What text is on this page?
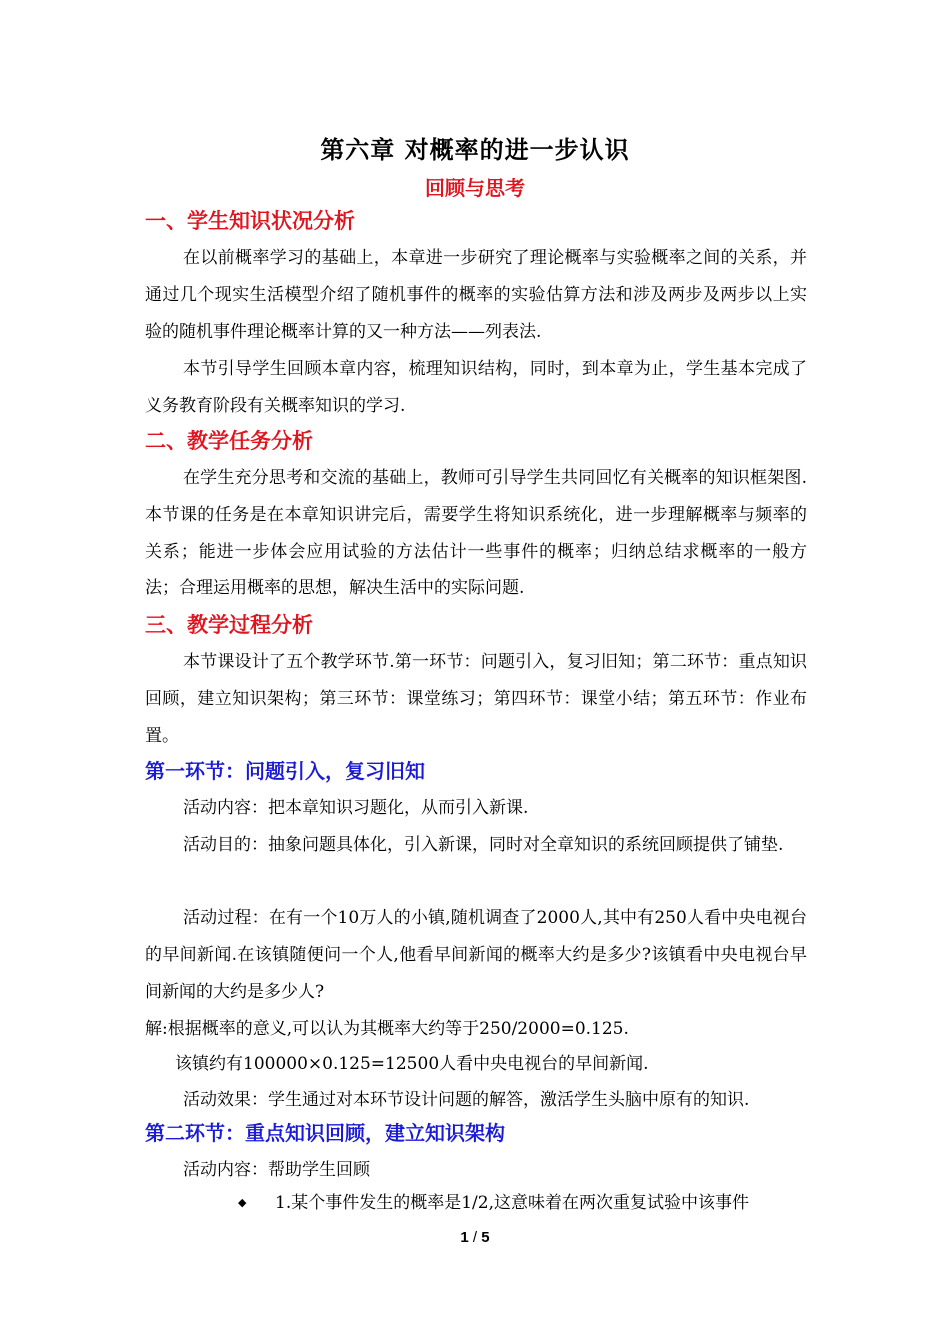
第六章 对概率的进一步认识
回顾与思考
一、学生知识状况分析
在以前概率学习的基础上，本章进一步研究了理论概率与实验概率之间的关系，并通过几个现实生活模型介绍了随机事件的概率的实验估算方法和涉及两步及两步以上实验的随机事件理论概率计算的又一种方法——列表法.
本节引导学生回顾本章内容，梳理知识结构，同时，到本章为止，学生基本完成了义务教育阶段有关概率知识的学习.
二、教学任务分析
在学生充分思考和交流的基础上，教师可引导学生共同回忆有关概率的知识框架图. 本节课的任务是在本章知识讲完后，需要学生将知识系统化，进一步理解概率与频率的关系；能进一步体会应用试验的方法估计一些事件的概率；归纳总结求概率的一般方法；合理运用概率的思想，解决生活中的实际问题.
三、教学过程分析
本节课设计了五个教学环节.第一环节：问题引入，复习旧知；第二环节：重点知识回顾，建立知识架构；第三环节：课堂练习；第四环节：课堂小结；第五环节：作业布置。
第一环节：问题引入，复习旧知
活动内容：把本章知识习题化，从而引入新课.
活动目的：抽象问题具体化，引入新课，同时对全章知识的系统回顾提供了铺垫.
活动过程：在有一个10万人的小镇,随机调查了2000人,其中有250人看中央电视台的早间新闻.在该镇随便问一个人,他看早间新闻的概率大约是多少?该镇看中央电视台早间新闻的大约是多少人?
解:根据概率的意义,可以认为其概率大约等于250/2000=0.125.
该镇约有100000×0.125=12500人看中央电视台的早间新闻.
活动效果：学生通过对本环节设计问题的解答，激活学生头脑中原有的知识.
第二环节：重点知识回顾，建立知识架构
活动内容：帮助学生回顾
◆ 1.某个事件发生的概率是1/2,这意味着在两次重复试验中该事件
1 / 5
